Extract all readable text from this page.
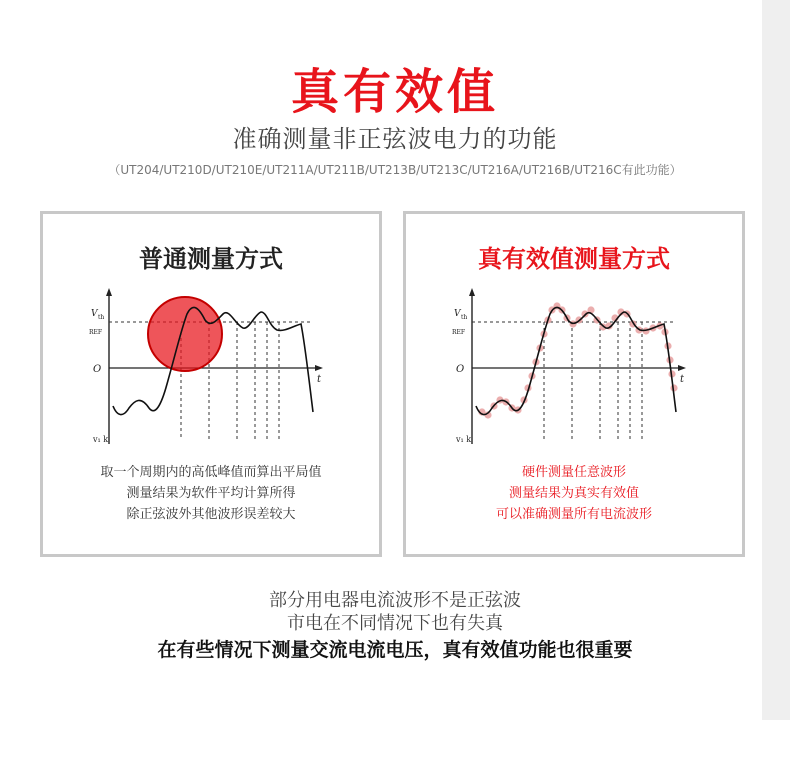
真有效值
准确测量非正弦波电力的功能
（UT204/UT210D/UT210E/UT211A/UT211B/UT213B/UT213C/UT216A/UT216B/UT216C有此功能）
普通测量方式
V th
REF
O
t
v₁ k
取一个周期内的高低峰值而算出平局值
测量结果为软件平均计算所得
除正弦波外其他波形误差较大
真有效值测量方式
V th
REF
O
t
v₁ k
硬件测量任意波形
测量结果为真实有效值
可以准确测量所有电流波形
部分用电器电流波形不是正弦波
市电在不同情况下也有失真
在有些情况下测量交流电流电压，真有效值功能也很重要
